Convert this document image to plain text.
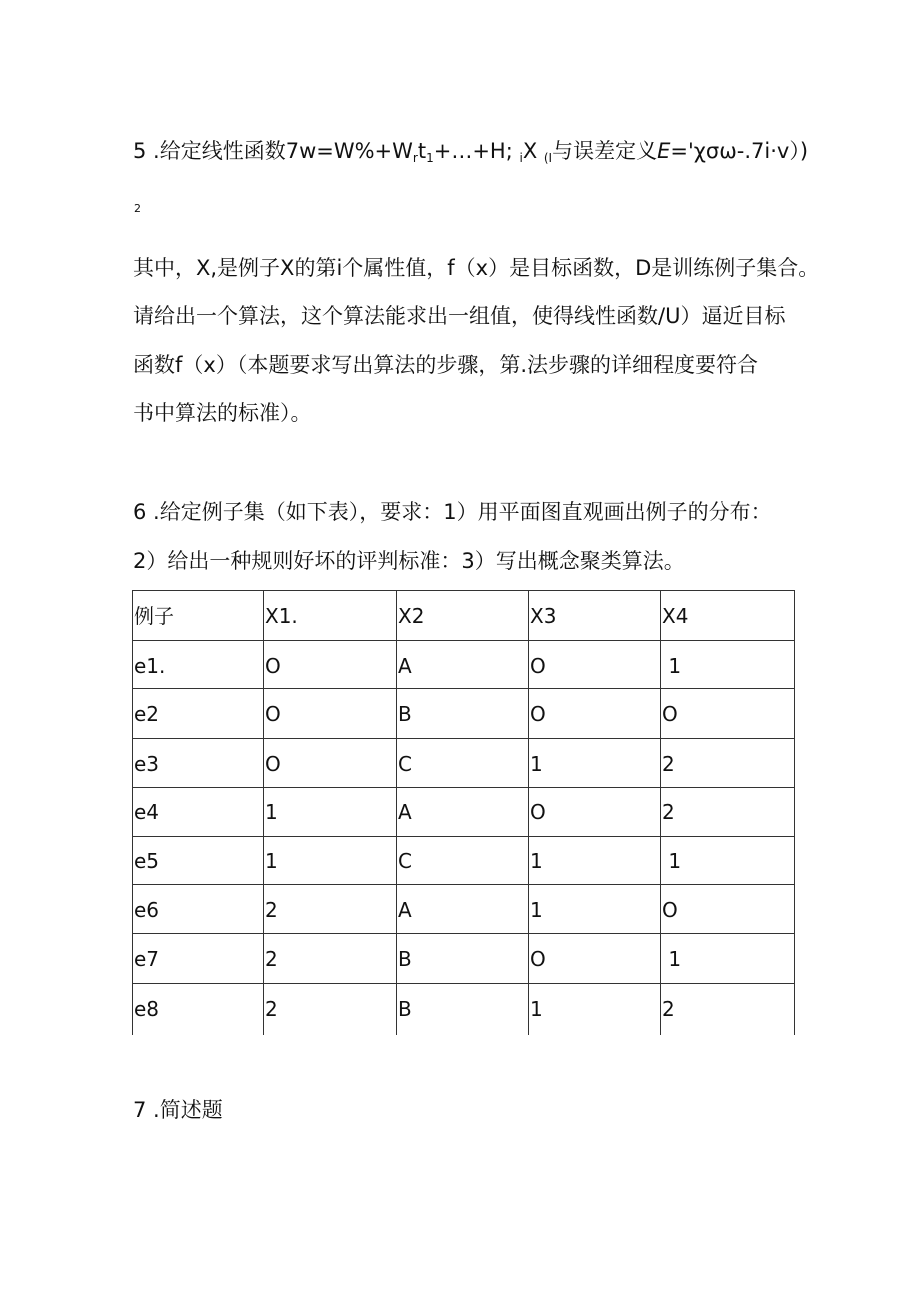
5 .给定线性函数$7w=W\%+W_rt_1+\dots+H$; $_i$X $_{(I}$与误差定义E='χσω-.7i·v）)
2
其中，X,是例子X的第i个属性值，f（x）是目标函数，D是训练例子集合。
请给出一个算法，这个算法能求出一组值，使得线性函数/U）逼近目标
函数f（x）（本题要求写出算法的步骤，第.法步骤的详细程度要符合
书中算法的标准）。
6 .给定例子集（如下表），要求：1）用平面图直观画出例子的分布：
2）给出一种规则好坏的评判标准：3）写出概念聚类算法。
例子	X1.	X2	X3	X4
e1.	O	A	O	1
e2	O	B	O	O
e3	O	C	1	2
e4	1	A	O	2
e5	1	C	1	1
e6	2	A	1	O
e7	2	B	O	1
e8	2	B	1	2
7 .简述题
